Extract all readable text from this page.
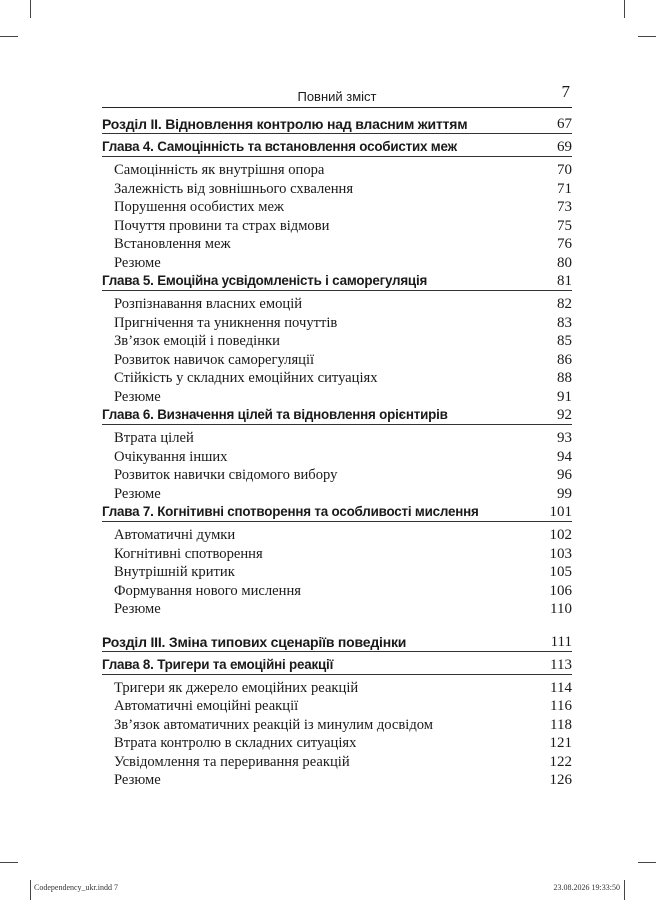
Повний зміст	7
Розділ II. Відновлення контролю над власним життям	67
Глава 4. Самоцінність та встановлення особистих меж	69
Самоцінність як внутрішня опора	70
Залежність від зовнішнього схвалення	71
Порушення особистих меж	73
Почуття провини та страх відмови	75
Встановлення меж	76
Резюме	80
Глава 5. Емоційна усвідомленість і саморегуляція	81
Розпізнавання власних емоцій	82
Пригнічення та уникнення почуттів	83
Зв’язок емоцій і поведінки	85
Розвиток навичок саморегуляції	86
Стійкість у складних емоційних ситуаціях	88
Резюме	91
Глава 6. Визначення цілей та відновлення орієнтирів	92
Втрата цілей	93
Очікування інших	94
Розвиток навички свідомого вибору	96
Резюме	99
Глава 7. Когнітивні спотворення та особливості мислення	101
Автоматичні думки	102
Когнітивні спотворення	103
Внутрішній критик	105
Формування нового мислення	106
Резюме	110
Розділ III. Зміна типових сценаріїв поведінки	111
Глава 8. Тригери та емоційні реакції	113
Тригери як джерело емоційних реакцій	114
Автоматичні емоційні реакції	116
Зв’язок автоматичних реакцій із минулим досвідом	118
Втрата контролю в складних ситуаціях	121
Усвідомлення та переривання реакцій	122
Резюме	126
Codependency_ukr.indd 7	23.08.2026 19:33:50
